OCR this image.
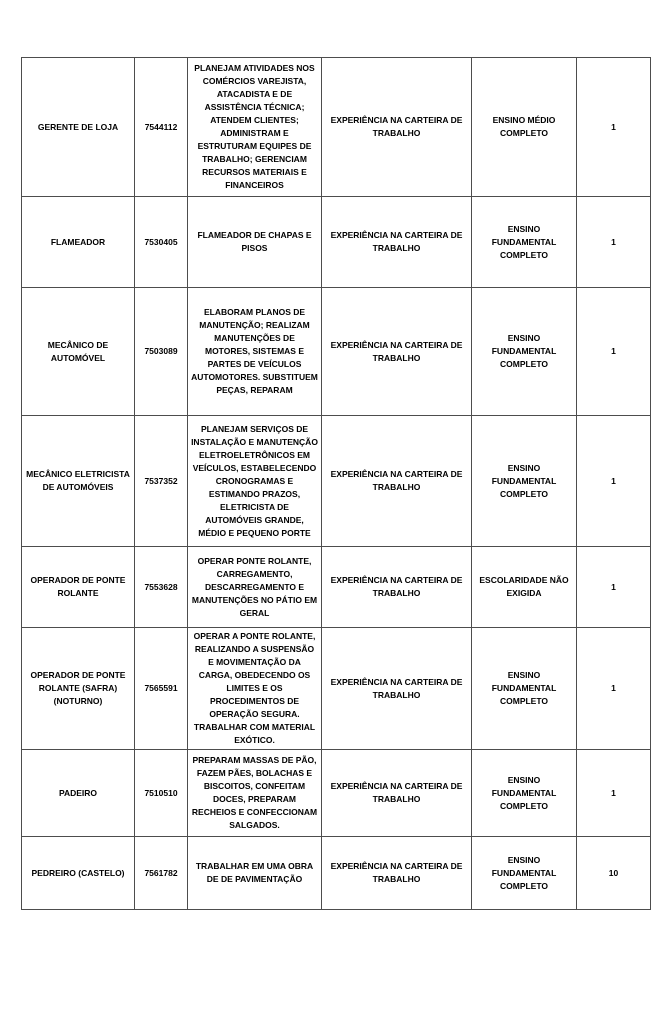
GERENTE DE LOJA	7544112	PLANEJAM ATIVIDADES NOS COMÉRCIOS VAREJISTA, ATACADISTA E DE ASSISTÊNCIA TÉCNICA; ATENDEM CLIENTES; ADMINISTRAM E ESTRUTURAM EQUIPES DE TRABALHO; GERENCIAM RECURSOS MATERIAIS E FINANCEIROS	EXPERIÊNCIA NA CARTEIRA DE TRABALHO	ENSINO MÉDIO COMPLETO	1
FLAMEADOR	7530405	FLAMEADOR DE CHAPAS E PISOS	EXPERIÊNCIA NA CARTEIRA DE TRABALHO	ENSINO FUNDAMENTAL COMPLETO	1
MECÂNICO DE AUTOMÓVEL	7503089	ELABORAM PLANOS DE MANUTENÇÃO; REALIZAM MANUTENÇÕES DE MOTORES, SISTEMAS E PARTES DE VEÍCULOS AUTOMOTORES. SUBSTITUEM PEÇAS, REPARAM	EXPERIÊNCIA NA CARTEIRA DE TRABALHO	ENSINO FUNDAMENTAL COMPLETO	1
MECÂNICO ELETRICISTA DE AUTOMÓVEIS	7537352	PLANEJAM SERVIÇOS DE INSTALAÇÃO E MANUTENÇÃO ELETROELETRÔNICOS EM VEÍCULOS, ESTABELECENDO CRONOGRAMAS E ESTIMANDO PRAZOS, ELETRICISTA DE AUTOMÓVEIS GRANDE, MÉDIO E PEQUENO PORTE	EXPERIÊNCIA NA CARTEIRA DE TRABALHO	ENSINO FUNDAMENTAL COMPLETO	1
OPERADOR DE PONTE ROLANTE	7553628	OPERAR PONTE ROLANTE, CARREGAMENTO, DESCARREGAMENTO E MANUTENÇÕES NO PÁTIO EM GERAL	EXPERIÊNCIA NA CARTEIRA DE TRABALHO	ESCOLARIDADE NÃO EXIGIDA	1
OPERADOR DE PONTE ROLANTE (SAFRA) (NOTURNO)	7565591	OPERAR A PONTE ROLANTE, REALIZANDO A SUSPENSÃO E MOVIMENTAÇÃO DA CARGA, OBEDECENDO OS LIMITES E OS PROCEDIMENTOS DE OPERAÇÃO SEGURA. TRABALHAR COM MATERIAL EXÓTICO.	EXPERIÊNCIA NA CARTEIRA DE TRABALHO	ENSINO FUNDAMENTAL COMPLETO	1
PADEIRO	7510510	PREPARAM MASSAS DE PÃO, FAZEM PÃES, BOLACHAS E BISCOITOS, CONFEITAM DOCES, PREPARAM RECHEIOS E CONFECCIONAM SALGADOS.	EXPERIÊNCIA NA CARTEIRA DE TRABALHO	ENSINO FUNDAMENTAL COMPLETO	1
PEDREIRO (CASTELO)	7561782	TRABALHAR EM UMA OBRA DE DE PAVIMENTAÇÃO	EXPERIÊNCIA NA CARTEIRA DE TRABALHO	ENSINO FUNDAMENTAL COMPLETO	10
